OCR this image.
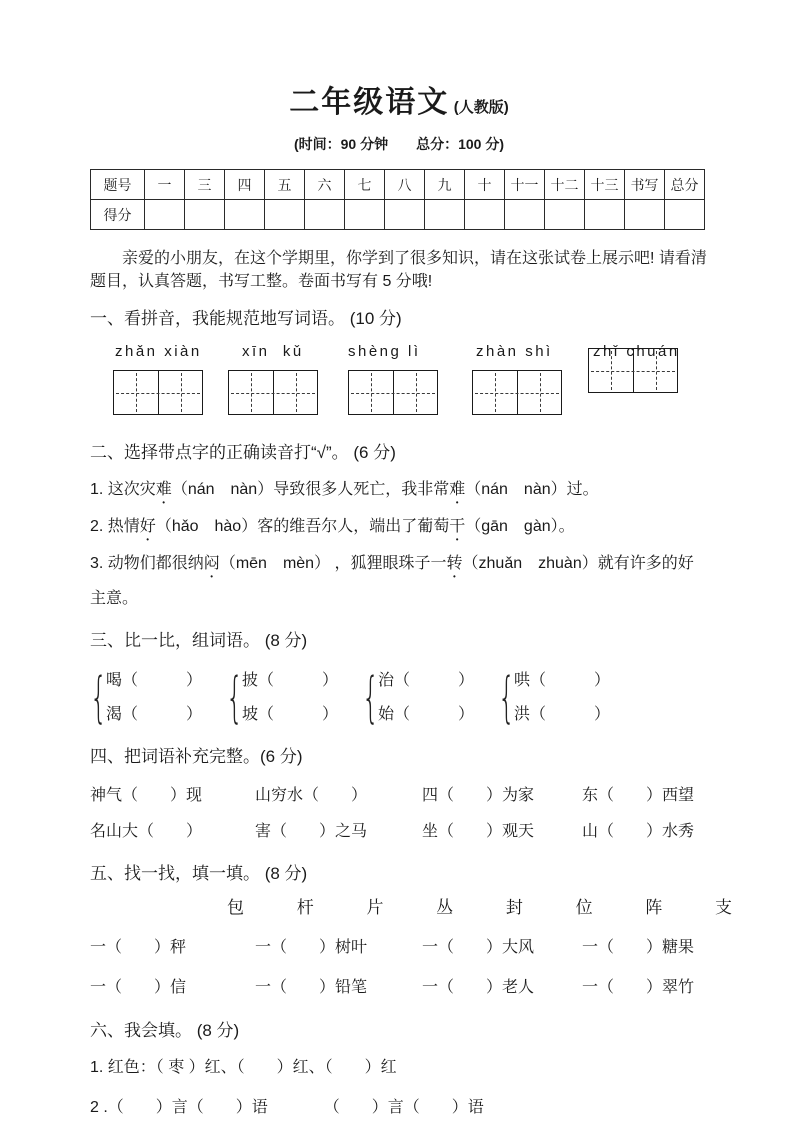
二年级语文 (人教版)
(时间：90 分钟　　总分：100 分)
题号	一	三	四	五	六	七	八	九	十	十一	十二	十三	书写	总分
得分														

亲爱的小朋友，在这个学期里，你学到了很多知识，请在这张试卷上展示吧! 请看清题目，认真答题，书写工整。卷面书写有 5 分哦!

一、看拼音，我能规范地写词语。 (10 分)
zhǎn xiàn	xīn  kǔ	shèng lì	zhàn shì	zhǐ chuán
二、选择带点字的正确读音打“√”。 (6 分)

1. 这次灾难（nán　nàn）导致很多人死亡，我非常难（nán　nàn）过。

2. 热情好（hǎo　hào）客的维吾尔人，端出了葡萄干（gān　gàn）。

3. 动物们都很纳闷（mēn　mèn） ，狐狸眼珠子一转（zhuǎn　zhuàn）就有许多的好主意。

三、比一比，组词语。 (8 分)
{
喝（　　　）
渴（　　　） {
披（　　　）
坡（　　　） {
治（　　　）
始（　　　） {
哄（　　　）
洪（　　　）
四、把词语补充完整。(6 分)
神气（　　）现	山穷水（　　）	四（　　）为家	东（　　）西望
名山大（　　）	害（　　）之马	坐（　　）观天	山（　　）水秀
五、找一找，填一填。 (8 分)
包 杆 片 丛 封 位 阵 支
一（　　）秤	一（　　）树叶	一（　　）大风	一（　　）糖果
一（　　）信	一（　　）铅笔	一（　　）老人	一（　　）翠竹
六、我会填。 (8 分)
1. 红色：（ 枣 ）红、（　　）红、（　　）红
2 .（　　）言（　　）语　　　　（　　）言（　　）语
